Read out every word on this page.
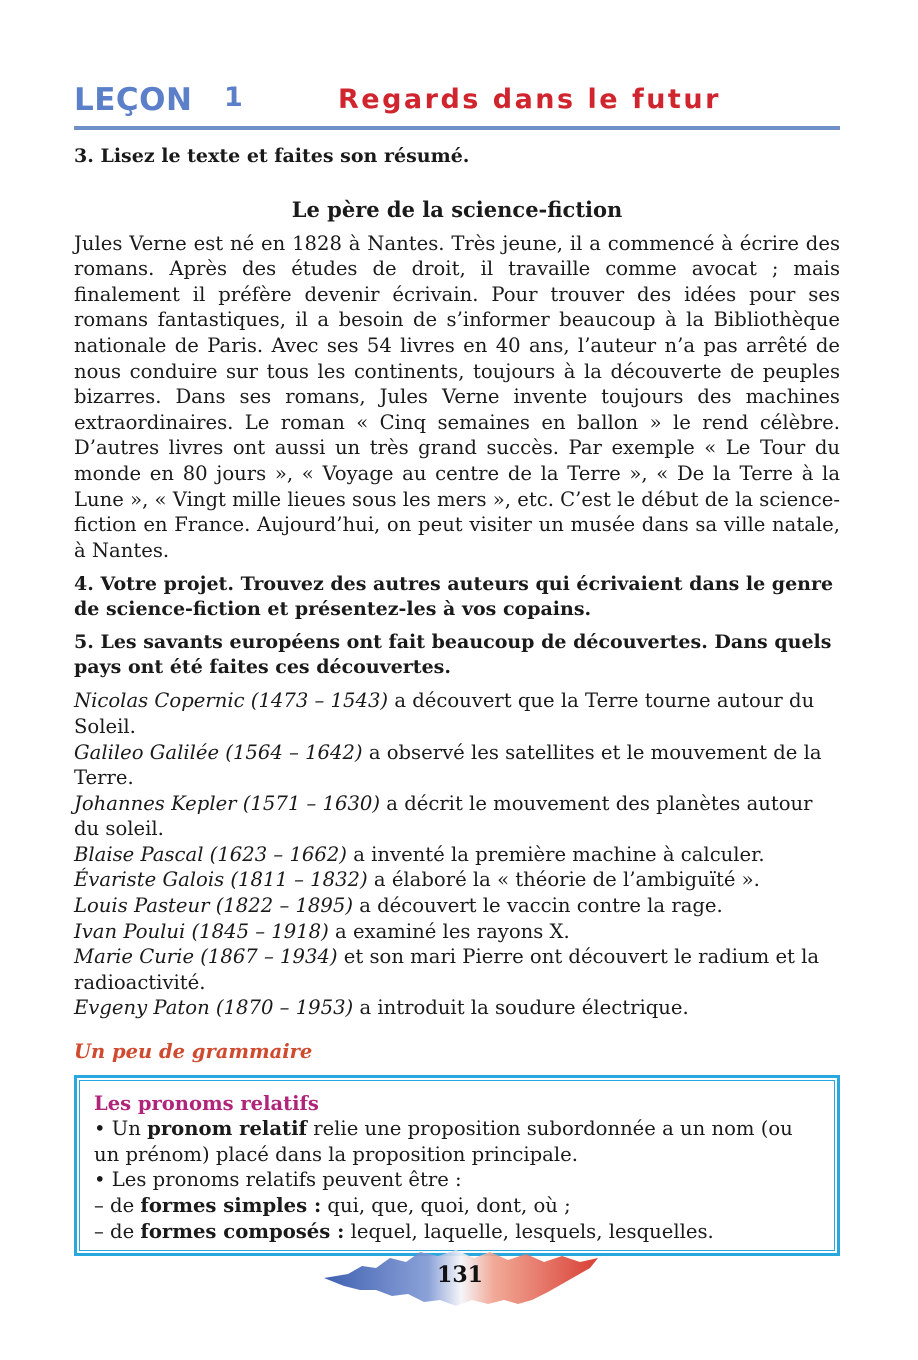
LEÇON 1	Regards dans le futur

3. Lisez le texte et faites son résumé.

Le père de la science-fiction

Jules Verne est né en 1828 à Nantes. Très jeune, il a commencé à écrire des romans. Après des études de droit, il travaille comme avocat ; mais finalement il préfère devenir écrivain. Pour trouver des idées pour ses romans fantastiques, il a besoin de s’informer beaucoup à la Bibliothèque nationale de Paris. Avec ses 54 livres en 40 ans, l’auteur n’a pas arrêté de nous conduire sur tous les continents, toujours à la découverte de peuples bizarres. Dans ses romans, Jules Verne invente toujours des machines extraordinaires. Le roman « Cinq semaines en ballon » le rend célèbre. D’autres livres ont aussi un très grand succès. Par exemple « Le Tour du monde en 80 jours », « Voyage au centre de la Terre », « De la Terre à la Lune », « Vingt mille lieues sous les mers », etc. C’est le début de la science-fiction en France. Aujourd’hui, on peut visiter un musée dans sa ville natale, à Nantes.

4. Votre projet. Trouvez des autres auteurs qui écrivaient dans le genre de science-fiction et présentez-les à vos copains.

5. Les savants européens ont fait beaucoup de découvertes. Dans quels pays ont été faites ces découvertes.

Nicolas Copernic (1473 – 1543) a découvert que la Terre tourne autour du Soleil.

Galileo Galilée (1564 – 1642) a observé les satellites et le mouvement de la Terre.

Johannes Kepler (1571 – 1630) a décrit le mouvement des planètes autour du soleil.

Blaise Pascal (1623 – 1662) a inventé la première machine à calculer.

Évariste Galois (1811 – 1832) a élaboré la « théorie de l’ambiguïté ».

Louis Pasteur (1822 – 1895) a découvert le vaccin contre la rage.

Ivan Poului (1845 – 1918) a examiné les rayons X.

Marie Curie (1867 – 1934) et son mari Pierre ont découvert le radium et la radioactivité.

Evgeny Paton (1870 – 1953) a introduit la soudure électrique.

Un peu de grammaire

Les pronoms relatifs

• Un pronom relatif relie une proposition subordonnée a un nom (ou un prénom) placé dans la proposition principale.

• Les pronoms relatifs peuvent être :

– de formes simples : qui, que, quoi, dont, où ;

– de formes composés : lequel, laquelle, lesquels, lesquelles.

131
